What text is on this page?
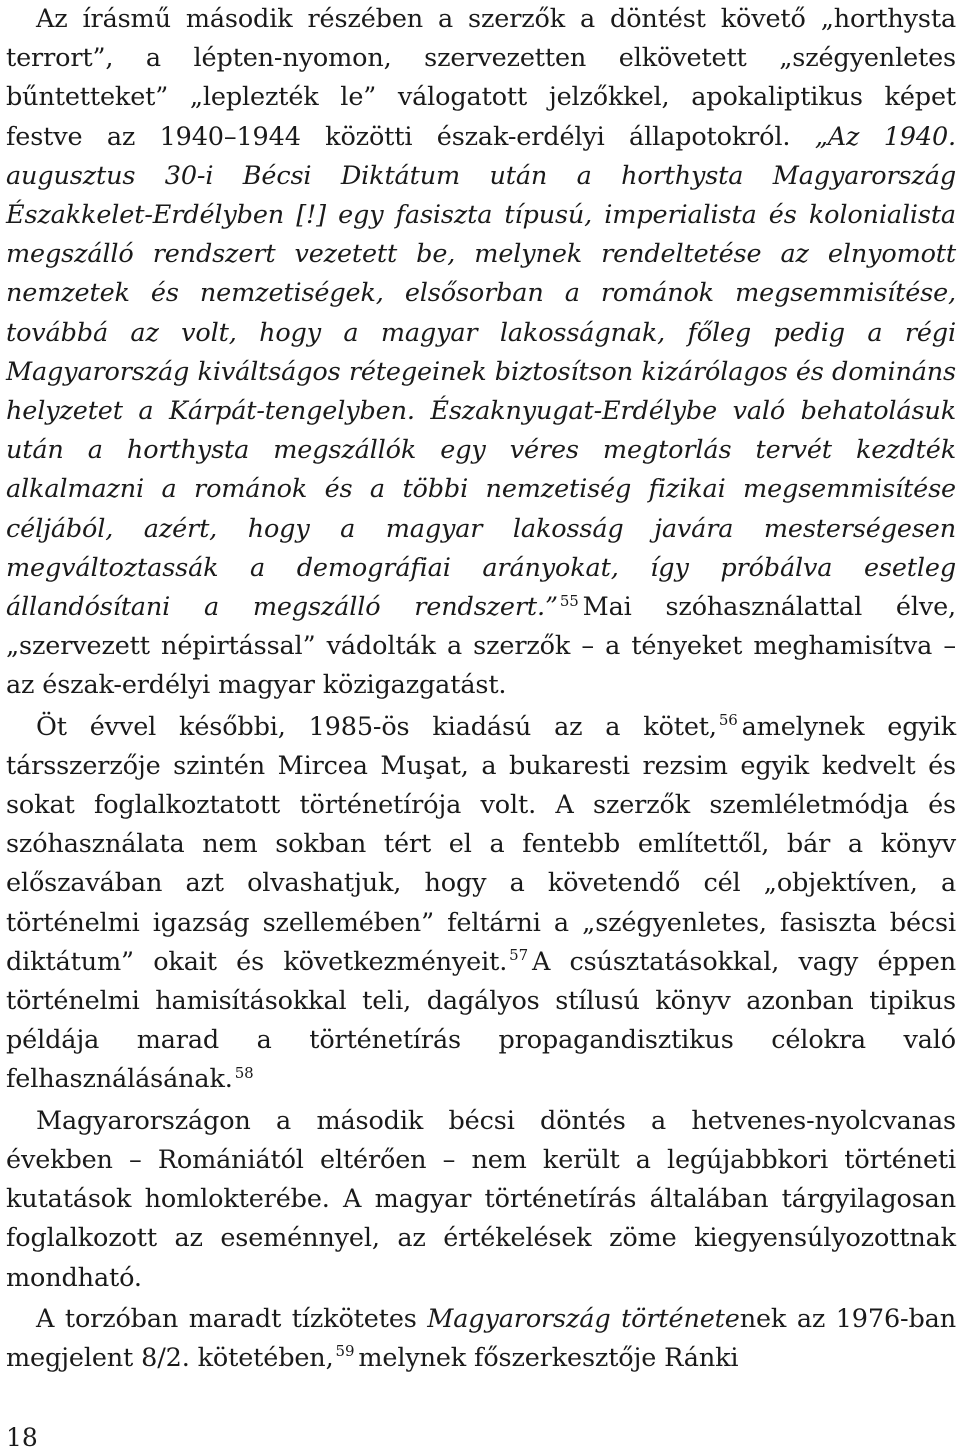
Az írásmű második részében a szerzők a döntést követő „horthysta terrort”, a lépten-nyomon, szervezetten elkövetett „szégyenletes bűntetteket” „leplezték le” válogatott jelzőkkel, apokaliptikus képet festve az 1940–1944 közötti észak-erdélyi állapotokról. „Az 1940. augusztus 30-i Bécsi Diktátum után a horthysta Magyarország Északkelet-Erdélyben [!] egy fasiszta típusú, imperialista és kolonialista megszálló rendszert vezetett be, melynek rendeltetése az elnyomott nemzetek és nemzetiségek, elsősorban a románok megsemmisítése, továbbá az volt, hogy a magyar lakosságnak, főleg pedig a régi Magyarország kiváltságos rétegeinek biztosítson kizárólagos és domináns helyzetet a Kárpát-tengelyben. Északnyugat-Erdélybe való behatolásuk után a horthysta megszállók egy véres megtorlás tervét kezdték alkalmazni a románok és a többi nemzetiség fizikai megsemmisítése céljából, azért, hogy a magyar lakosság javára mesterségesen megváltoztassák a demográfiai arányokat, így próbálva esetleg állandósítani a megszálló rendszert.” $^{55}$ Mai szóhasználattal élve, „szervezett népirtással” vádolták a szerzők – a tényeket meghamisítva – az észak-erdélyi magyar közigazgatást.

Öt évvel későbbi, 1985-ös kiadású az a kötet, $^{56}$ amelynek egyik társszerzője szintén Mircea Muşat, a bukaresti rezsim egyik kedvelt és sokat foglalkoztatott történetírója volt. A szerzők szemléletmódja és szóhasználata nem sokban tért el a fentebb említettől, bár a könyv előszavában azt olvashatjuk, hogy a követendő cél „objektíven, a történelmi igazság szellemében” feltárni a „szégyenletes, fasiszta bécsi diktátum” okait és következményeit. $^{57}$ A csúsztatásokkal, vagy éppen történelmi hamisításokkal teli, dagályos stílusú könyv azonban tipikus példája marad a történetírás propagandisztikus célokra való felhasználásának. $^{58}$

Magyarországon a második bécsi döntés a hetvenes-nyolcvanas években – Romániától eltérően – nem került a legújabbkori történeti kutatások homlokterébe. A magyar történetírás általában tárgyilagosan foglalkozott az eseménnyel, az értékelések zöme kiegyensúlyozottnak mondható.

A torzóban maradt tízkötetes Magyarország történetenek az 1976-ban megjelent 8/2. kötetében, $^{59}$ melynek főszerkesztője Ránki

18
